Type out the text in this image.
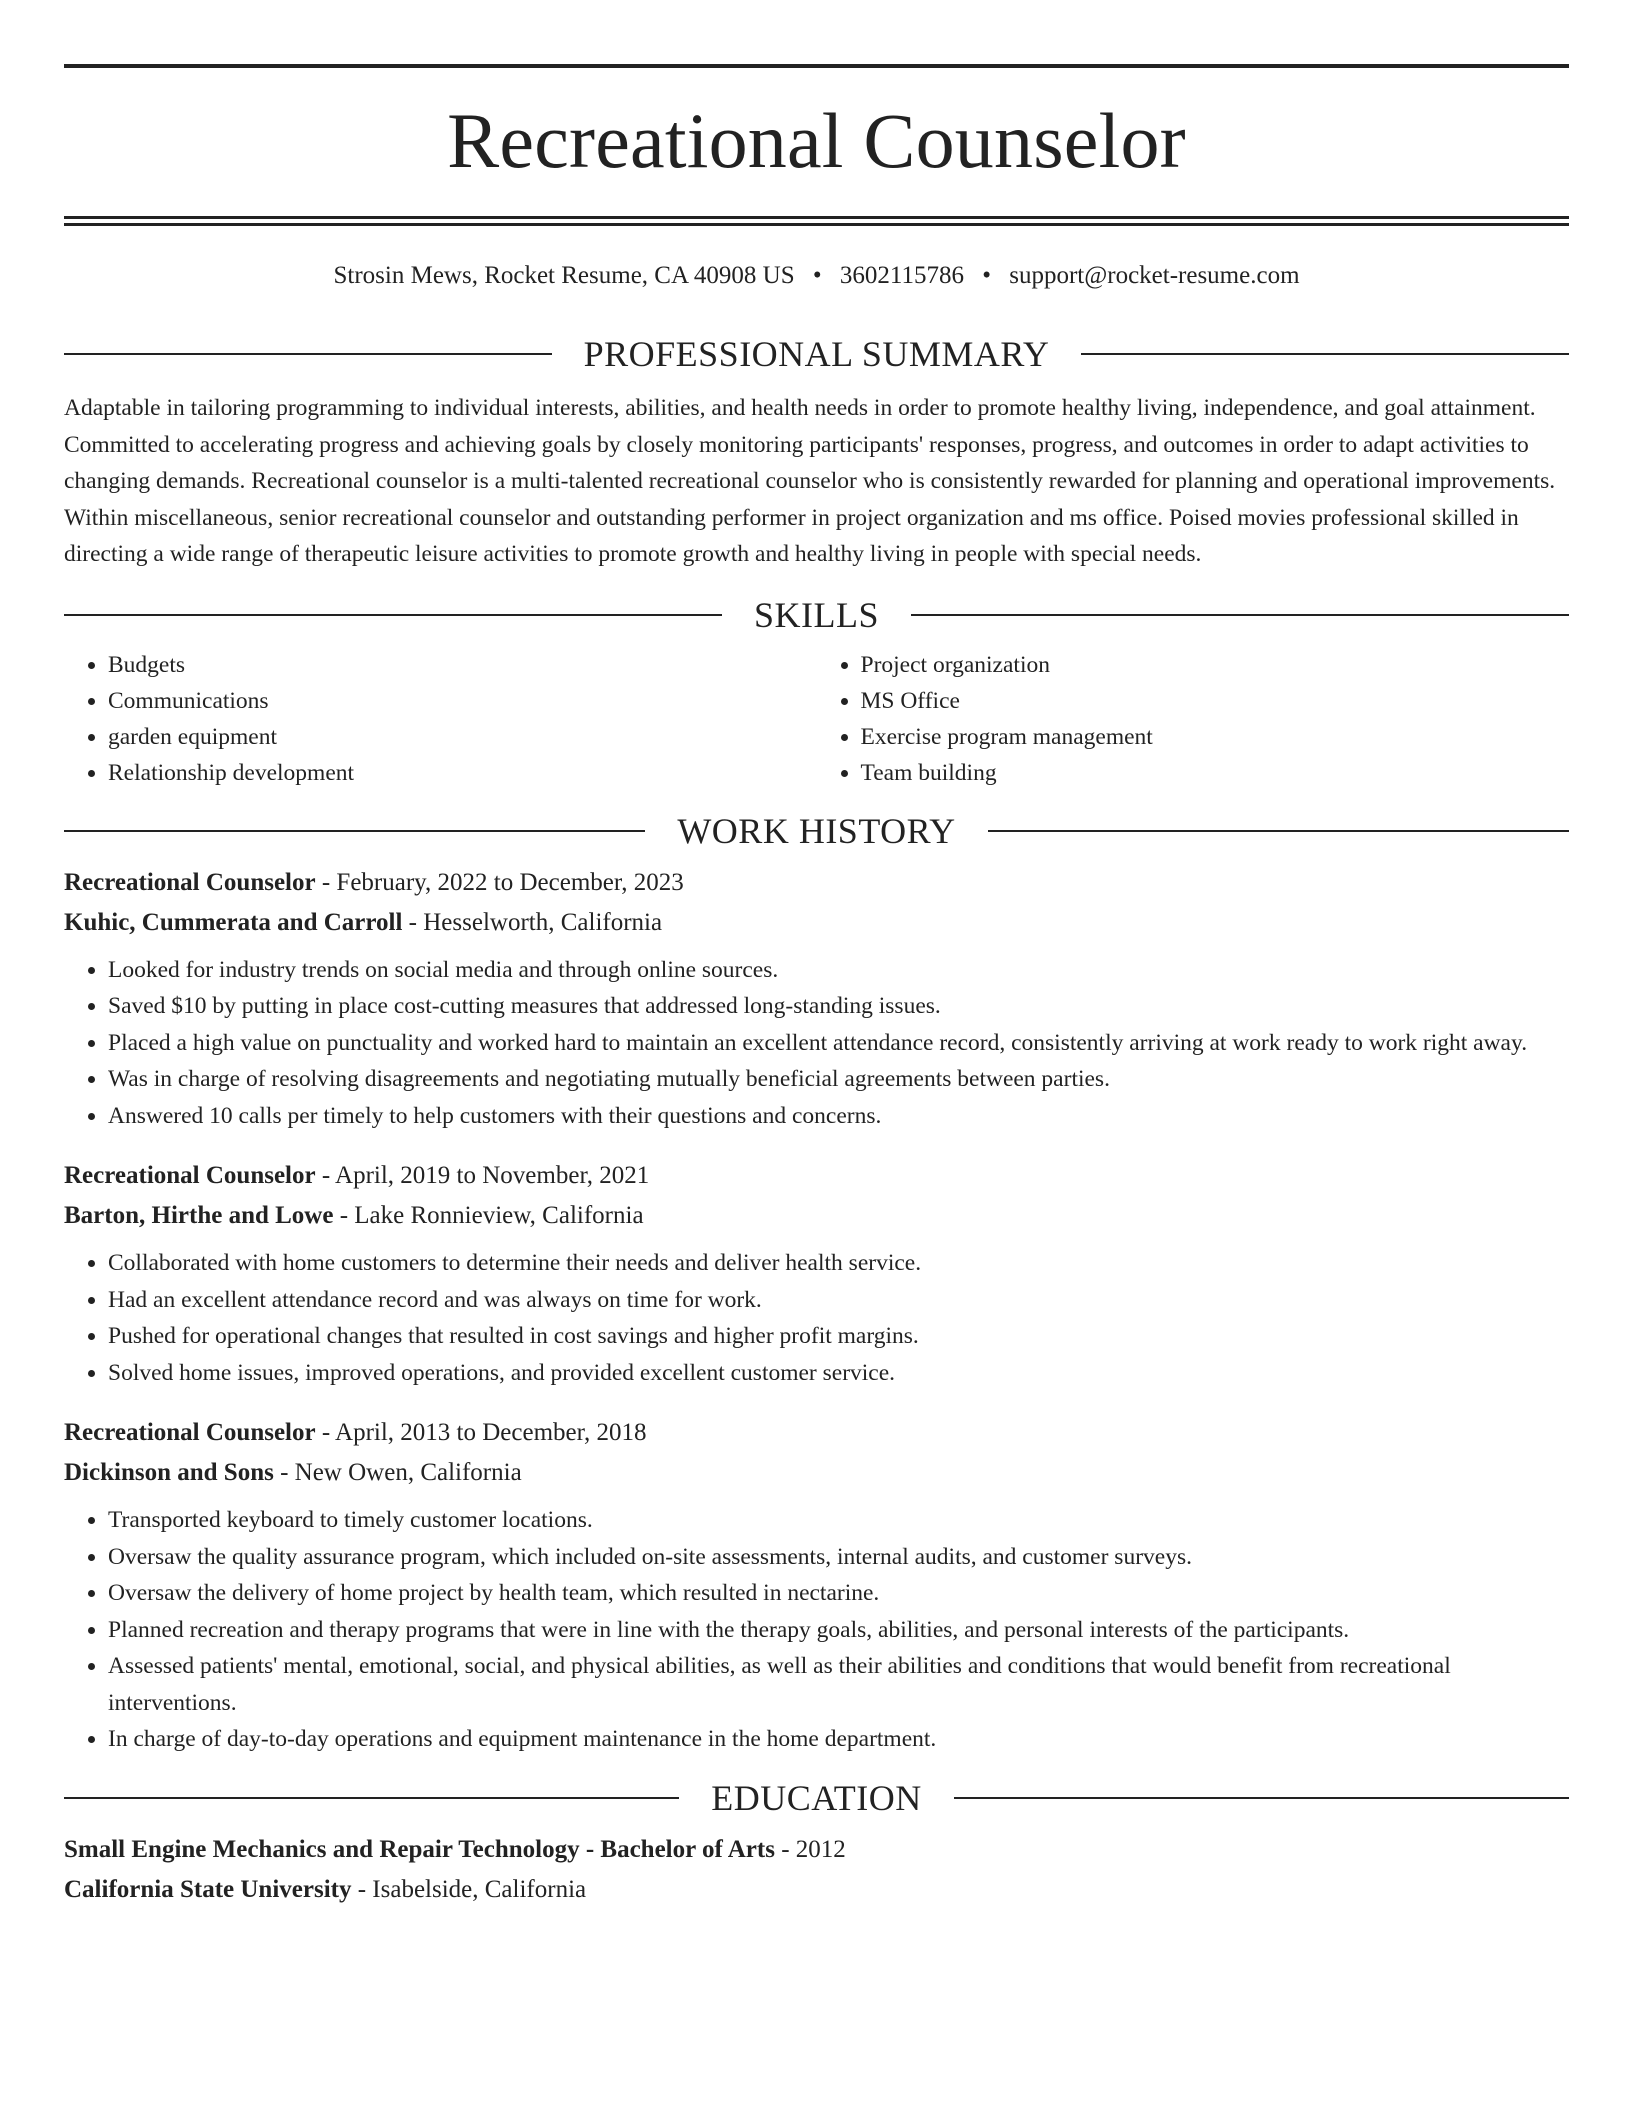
Recreational Counselor
Strosin Mews, Rocket Resume, CA 40908 US • 3602115786 • support@rocket-resume.com
PROFESSIONAL SUMMARY

Adaptable in tailoring programming to individual interests, abilities, and health needs in order to promote healthy living, independence, and goal attainment. Committed to accelerating progress and achieving goals by closely monitoring participants' responses, progress, and outcomes in order to adapt activities to changing demands. Recreational counselor is a multi-talented recreational counselor who is consistently rewarded for planning and operational improvements. Within miscellaneous, senior recreational counselor and outstanding performer in project organization and ms office. Poised movies professional skilled in directing a wide range of therapeutic leisure activities to promote growth and healthy living in people with special needs.

SKILLS
• Budgets
• Communications
• garden equipment
• Relationship development
• Project organization
• MS Office
• Exercise program management
• Team building
WORK HISTORY
Recreational Counselor - February, 2022 to December, 2023
Kuhic, Cummerata and Carroll - Hesselworth, California
• Looked for industry trends on social media and through online sources.
• Saved $10 by putting in place cost-cutting measures that addressed long-standing issues.
• Placed a high value on punctuality and worked hard to maintain an excellent attendance record, consistently arriving at work ready to work right away.
• Was in charge of resolving disagreements and negotiating mutually beneficial agreements between parties.
• Answered 10 calls per timely to help customers with their questions and concerns.
Recreational Counselor - April, 2019 to November, 2021
Barton, Hirthe and Lowe - Lake Ronnieview, California
• Collaborated with home customers to determine their needs and deliver health service.
• Had an excellent attendance record and was always on time for work.
• Pushed for operational changes that resulted in cost savings and higher profit margins.
• Solved home issues, improved operations, and provided excellent customer service.
Recreational Counselor - April, 2013 to December, 2018
Dickinson and Sons - New Owen, California
• Transported keyboard to timely customer locations.
• Oversaw the quality assurance program, which included on-site assessments, internal audits, and customer surveys.
• Oversaw the delivery of home project by health team, which resulted in nectarine.
• Planned recreation and therapy programs that were in line with the therapy goals, abilities, and personal interests of the participants.
• Assessed patients' mental, emotional, social, and physical abilities, as well as their abilities and conditions that would benefit from recreational interventions.
• In charge of day-to-day operations and equipment maintenance in the home department.
EDUCATION
Small Engine Mechanics and Repair Technology - Bachelor of Arts - 2012
California State University - Isabelside, California
